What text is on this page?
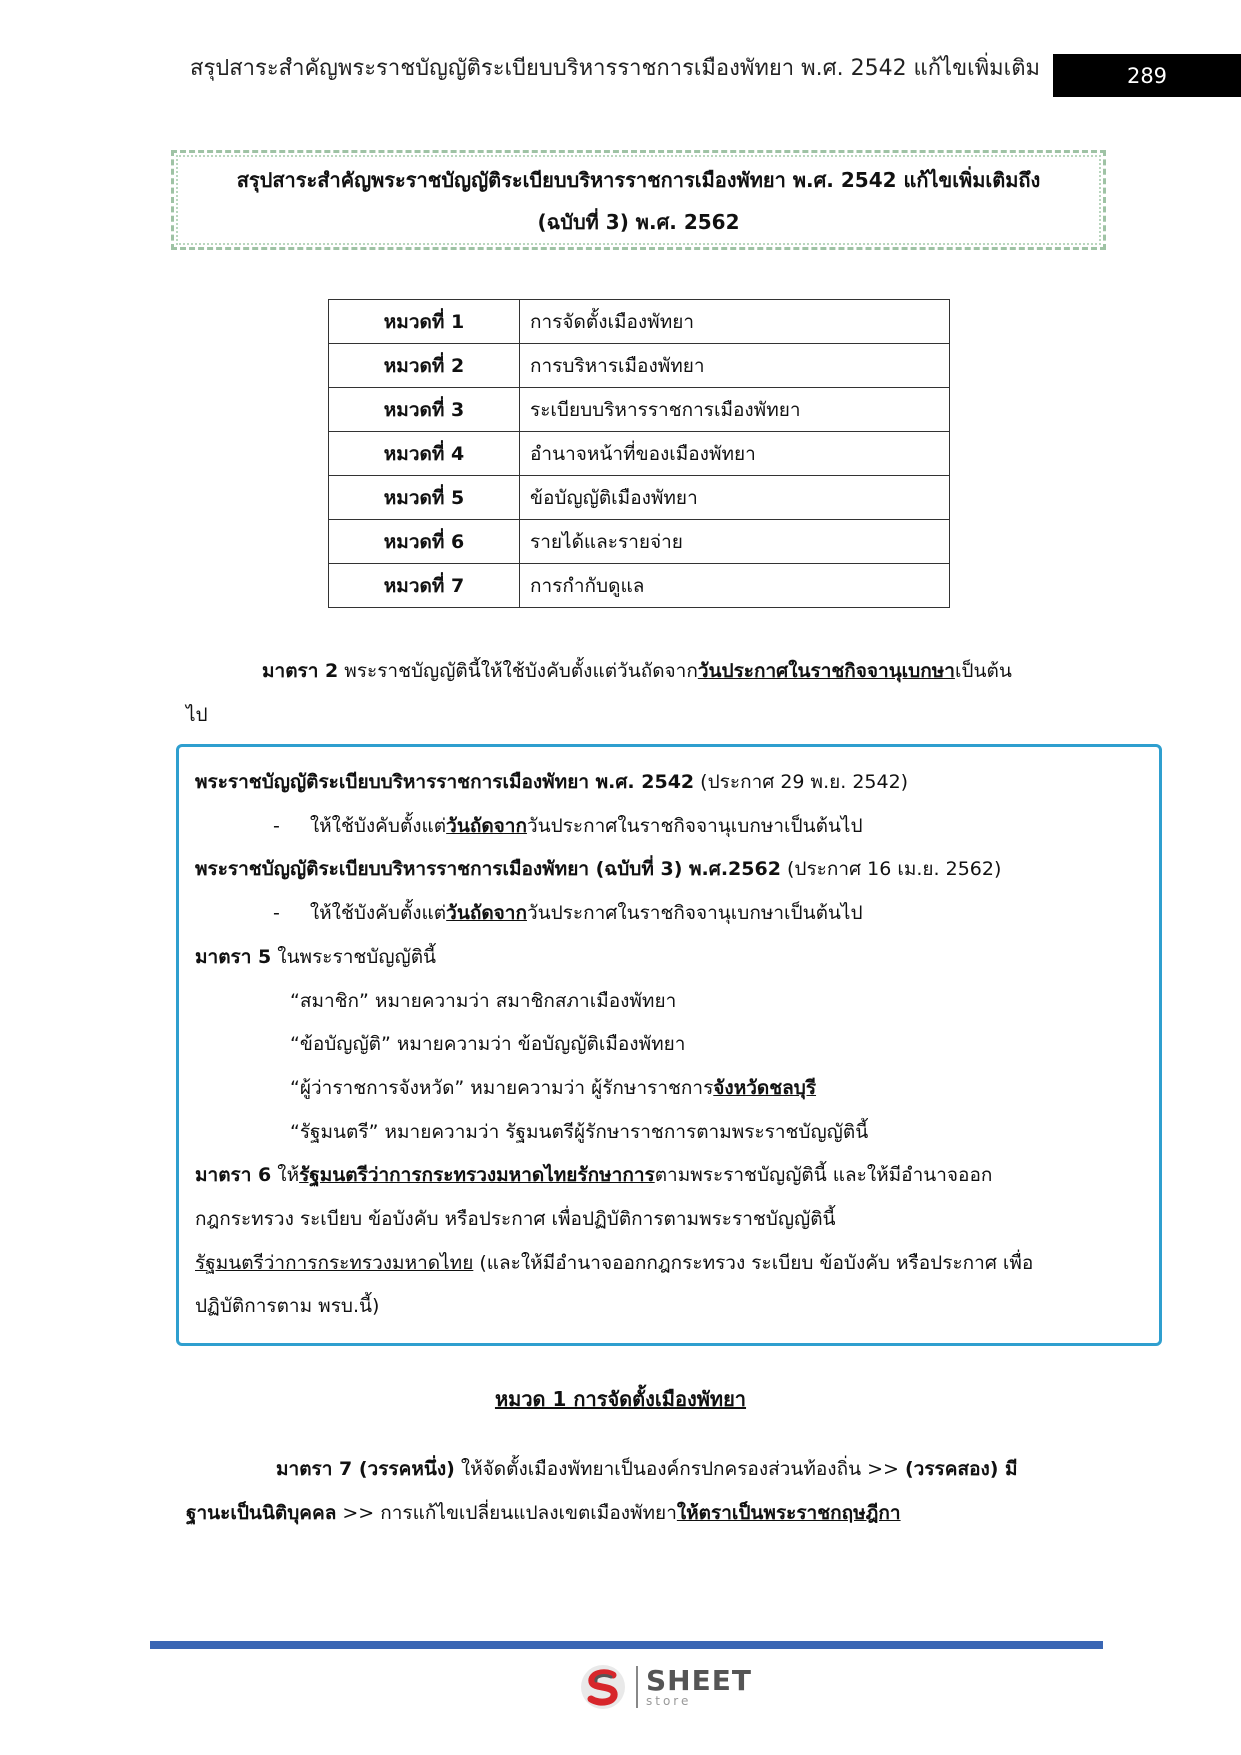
สรุปสาระสำคัญพระราชบัญญัติระเบียบบริหารราชการเมืองพัทยา พ.ศ. 2542 แก้ไขเพิ่มเติม	289
สรุปสาระสำคัญพระราชบัญญัติระเบียบบริหารราชการเมืองพัทยา พ.ศ. 2542 แก้ไขเพิ่มเติมถึง
(ฉบับที่ 3) พ.ศ. 2562
หมวดที่ 1	การจัดตั้งเมืองพัทยา
หมวดที่ 2	การบริหารเมืองพัทยา
หมวดที่ 3	ระเบียบบริหารราชการเมืองพัทยา
หมวดที่ 4	อำนาจหน้าที่ของเมืองพัทยา
หมวดที่ 5	ข้อบัญญัติเมืองพัทยา
หมวดที่ 6	รายได้และรายจ่าย
หมวดที่ 7	การกำกับดูแล
มาตรา 2 พระราชบัญญัตินี้ให้ใช้บังคับตั้งแต่วันถัดจากวันประกาศในราชกิจจานุเบกษาเป็นต้น
ไป
พระราชบัญญัติระเบียบบริหารราชการเมืองพัทยา พ.ศ. 2542 (ประกาศ 29 พ.ย. 2542)
- ให้ใช้บังคับตั้งแต่วันถัดจากวันประกาศในราชกิจจานุเบกษาเป็นต้นไป
พระราชบัญญัติระเบียบบริหารราชการเมืองพัทยา (ฉบับที่ 3) พ.ศ.2562 (ประกาศ 16 เม.ย. 2562)
- ให้ใช้บังคับตั้งแต่วันถัดจากวันประกาศในราชกิจจานุเบกษาเป็นต้นไป
มาตรา 5 ในพระราชบัญญัตินี้
“สมาชิก” หมายความว่า สมาชิกสภาเมืองพัทยา
“ข้อบัญญัติ” หมายความว่า ข้อบัญญัติเมืองพัทยา
“ผู้ว่าราชการจังหวัด” หมายความว่า ผู้รักษาราชการจังหวัดชลบุรี
“รัฐมนตรี” หมายความว่า รัฐมนตรีผู้รักษาราชการตามพระราชบัญญัตินี้
มาตรา 6 ให้รัฐมนตรีว่าการกระทรวงมหาดไทยรักษาการตามพระราชบัญญัตินี้ และให้มีอำนาจออก
กฎกระทรวง ระเบียบ ข้อบังคับ หรือประกาศ เพื่อปฏิบัติการตามพระราชบัญญัตินี้
รัฐมนตรีว่าการกระทรวงมหาดไทย (และให้มีอำนาจออกกฎกระทรวง ระเบียบ ข้อบังคับ หรือประกาศ เพื่อ
ปฏิบัติการตาม พรบ.นี้)
หมวด 1 การจัดตั้งเมืองพัทยา
มาตรา 7 (วรรคหนึ่ง) ให้จัดตั้งเมืองพัทยาเป็นองค์กรปกครองส่วนท้องถิ่น >> (วรรคสอง) มี
ฐานะเป็นนิติบุคคล >> การแก้ไขเปลี่ยนแปลงเขตเมืองพัทยาให้ตราเป็นพระราชกฤษฎีกา
SHEET
store
